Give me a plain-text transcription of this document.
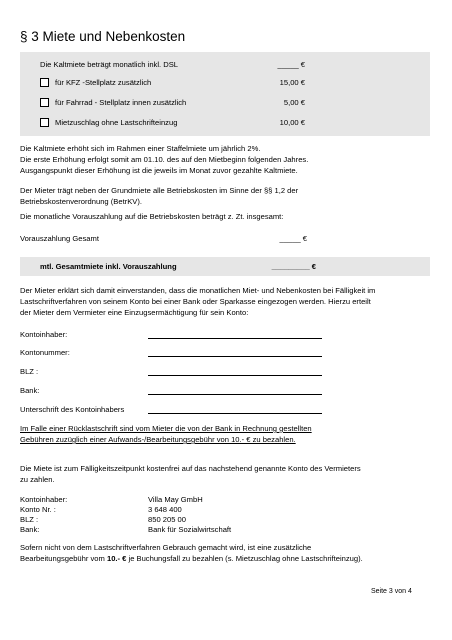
§ 3 Miete und Nebenkosten
Die Kaltmiete beträgt monatlich inkl. DSL	_____ €
für KFZ -Stellplatz zusätzlich	15,00 €
für Fahrrad - Stellplatz innen zusätzlich	5,00 €
Mietzuschlag ohne Lastschrifteinzug	10,00 €
Die Kaltmiete erhöht sich im Rahmen einer Staffelmiete um jährlich 2%.
Die erste Erhöhung erfolgt somit am 01.10. des auf den Mietbeginn folgenden Jahres.
Ausgangspunkt dieser Erhöhung ist die jeweils im Monat zuvor gezahlte Kaltmiete.
Der Mieter trägt neben der Grundmiete alle Betriebskosten im Sinne der §§ 1,2 der
Betriebskostenverordnung (BetrKV).
Die monatliche Vorauszahlung auf die Betriebskosten beträgt z. Zt. insgesamt:
Vorauszahlung Gesamt	_____ €
mtl. Gesamtmiete inkl. Vorauszahlung	_________ €
Der Mieter erklärt sich damit einverstanden, dass die monatlichen Miet- und Nebenkosten bei Fälligkeit im
Lastschriftverfahren von seinem Konto bei einer Bank oder Sparkasse eingezogen werden. Hierzu erteilt
der Mieter dem Vermieter eine Einzugsermächtigung für sein Konto:
Kontoinhaber:
Kontonummer:
BLZ :
Bank:
Unterschrift des Kontoinhabers
Im Falle einer Rücklastschrift sind vom Mieter die von der Bank in Rechnung gestellten
Gebühren zuzüglich einer Aufwands-/Bearbeitungsgebühr von 10.- € zu bezahlen.
Die Miete ist zum Fälligkeitszeitpunkt kostenfrei auf das nachstehend genannte Konto des Vermieters
zu zahlen.
Kontoinhaber:	Villa May GmbH
Konto Nr. :	3 648 400
BLZ :	850 205 00
Bank:	Bank für Sozialwirtschaft
Sofern nicht von dem Lastschriftverfahren Gebrauch gemacht wird, ist eine zusätzliche
Bearbeitungsgebühr vom 10.- € je Buchungsfall zu bezahlen (s. Mietzuschlag ohne Lastschrifteinzug).
Seite 3 von 4
